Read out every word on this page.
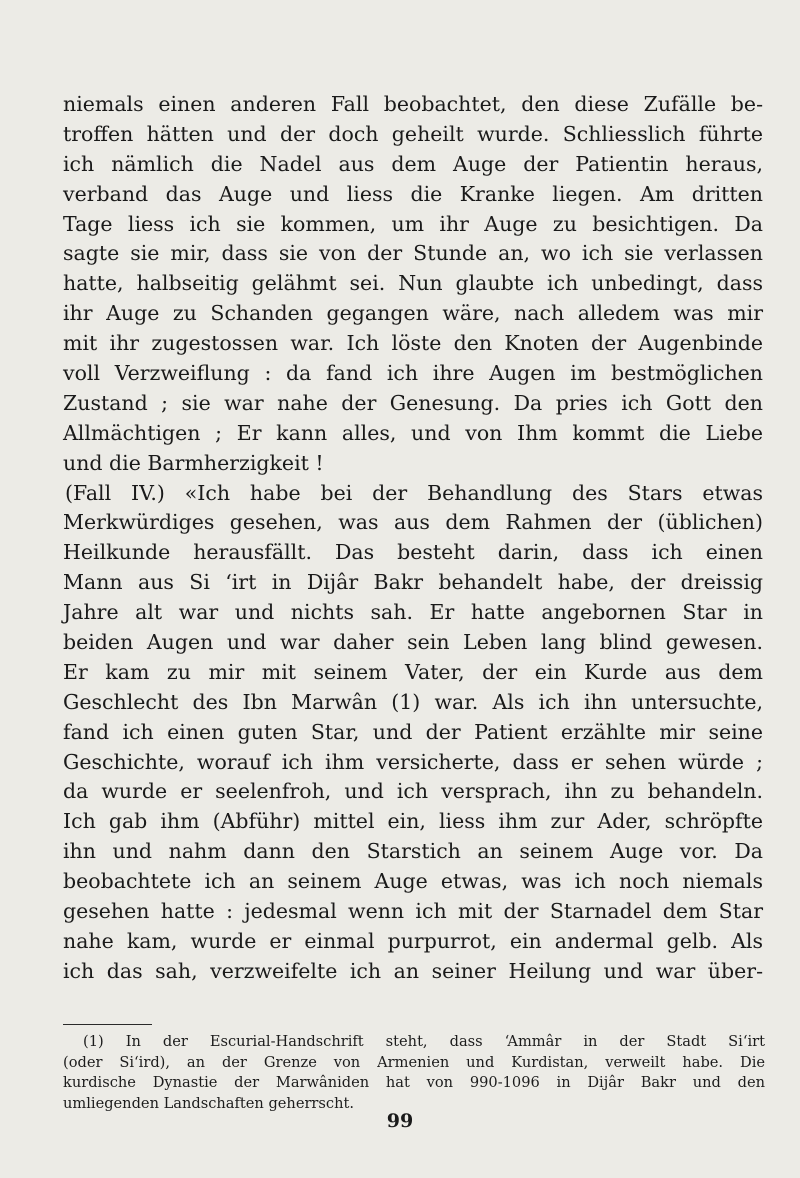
niemals einen anderen Fall beobachtet, den diese Zufälle be-
troffen hätten und der doch geheilt wurde. Schliesslich führte
ich nämlich die Nadel aus dem Auge der Patientin heraus,
verband das Auge und liess die Kranke liegen. Am dritten
Tage liess ich sie kommen, um ihr Auge zu besichtigen. Da
sagte sie mir, dass sie von der Stunde an, wo ich sie verlassen
hatte, halbseitig gelähmt sei. Nun glaubte ich unbedingt, dass
ihr Auge zu Schanden gegangen wäre, nach alledem was mir
mit ihr zugestossen war. Ich löste den Knoten der Augenbinde
voll Verzweiflung : da fand ich ihre Augen im bestmöglichen
Zustand ; sie war nahe der Genesung. Da pries ich Gott den
Allmächtigen ; Er kann alles, und von Ihm kommt die Liebe
und die Barmherzigkeit !
(Fall IV.) «Ich habe bei der Behandlung des Stars etwas
Merkwürdiges gesehen, was aus dem Rahmen der (üblichen)
Heilkunde herausfällt. Das besteht darin, dass ich einen
Mann aus Si ‘irt in Dijâr Bakr behandelt habe, der dreissig
Jahre alt war und nichts sah. Er hatte angebornen Star in
beiden Augen und war daher sein Leben lang blind gewesen.
Er kam zu mir mit seinem Vater, der ein Kurde aus dem
Geschlecht des Ibn Marwân (1) war. Als ich ihn untersuchte,
fand ich einen guten Star, und der Patient erzählte mir seine
Geschichte, worauf ich ihm versicherte, dass er sehen würde ;
da wurde er seelenfroh, und ich versprach, ihn zu behandeln.
Ich gab ihm (Abführ) mittel ein, liess ihm zur Ader, schröpfte
ihn und nahm dann den Starstich an seinem Auge vor. Da
beobachtete ich an seinem Auge etwas, was ich noch niemals
gesehen hatte : jedesmal wenn ich mit der Starnadel dem Star
nahe kam, wurde er einmal purpurrot, ein andermal gelb. Als
ich das sah, verzweifelte ich an seiner Heilung und war über-
(1) In der Escurial-Handschrift steht, dass ‘Ammâr in der Stadt Si‘irt
(oder Si‘ird), an der Grenze von Armenien und Kurdistan, verweilt habe. Die
kurdische Dynastie der Marwâniden hat von 990-1096 in Dijâr Bakr und den
umliegenden Landschaften geherrscht.
99
